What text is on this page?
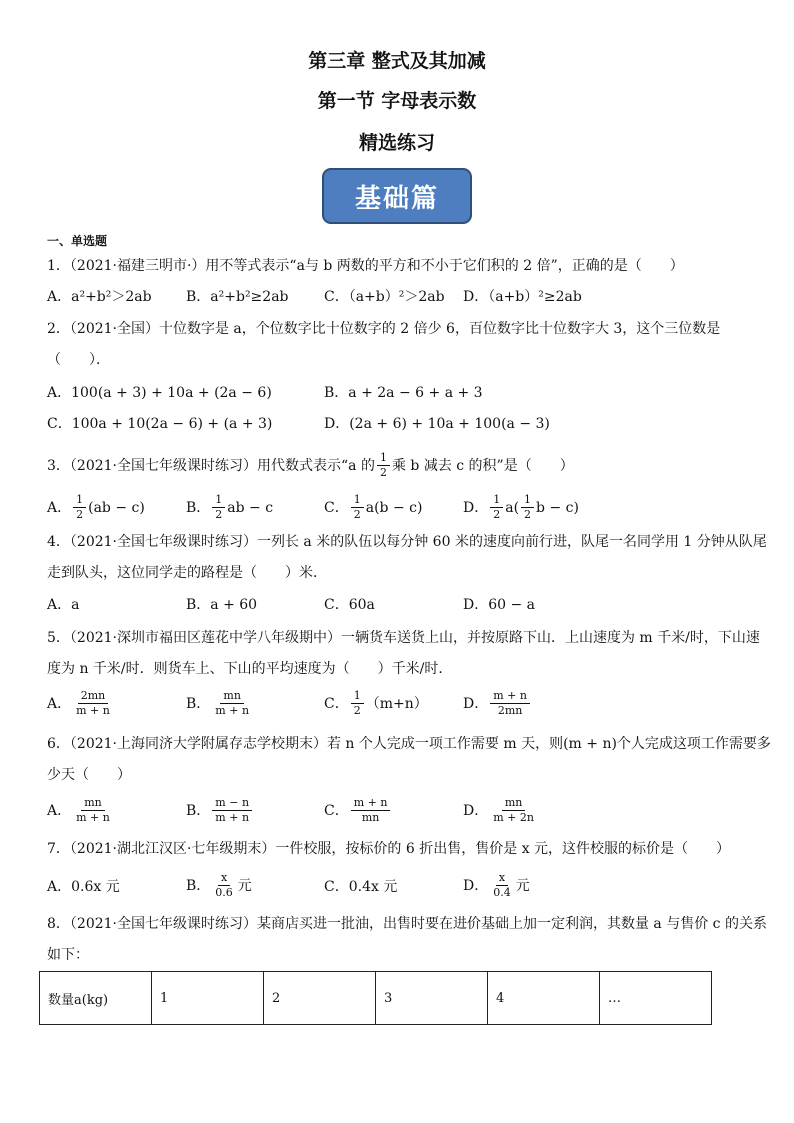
第三章 整式及其加减
第一节 字母表示数
精选练习
基础篇
一、单选题
1．（2021·福建三明市·）用不等式表示“a与 b 两数的平方和不小于它们积的 2 倍”，正确的是（　　）
A．a²+b²＞2ab B．a²+b²≥2ab	C．（a+b）²＞2ab D．（a+b）²≥2ab
2．（2021·全国）十位数字是 a，个位数字比十位数字的 2 倍少 6，百位数字比十位数字大 3，这个三位数是
（　　）．
A．100(a + 3) + 10a + (2a − 6)	B．a + 2a − 6 + a + 3
C．100a + 10(2a − 6) + (a + 3)	D．(2a + 6) + 10a + 100(a − 3)
3．（2021·全国七年级课时练习）用代数式表示“a 的 $\frac{1}{2}$ 乘 b 减去 c 的积”是（　　）
A． $\frac{1}{2} (ab - c)$	B． $\frac{1}{2}$ ab − c	C． $\frac{1}{2} a(b - c)$	D． $\frac{1}{2} a( \frac{1}{2}$ b − c)
4．（2021·全国七年级课时练习）一列长 a 米的队伍以每分钟 60 米的速度向前行进，队尾一名同学用 1 分钟从队尾
走到队头，这位同学走的路程是（　　）米．
A．a	B．a + 60	C．60a	D．60 − a
5．（2021·深圳市福田区莲花中学八年级期中）一辆货车送货上山，并按原路下山．上山速度为 m 千米/时，下山速
度为 n 千米/时．则货车上、下山的平均速度为（　　）千米/时．
A． $\frac{2mn}{m + n}$	B． $\frac{mn}{m + n}$	C． $\frac{1}{2} (m+n)$	D． $\frac{m + n}{2mn}$
6．（2021·上海同济大学附属存志学校期末）若 n 个人完成一项工作需要 m 天，则(m + n)个人完成这项工作需要多
少天（　　）
A． $\frac{mn}{m + n}$	B． $\frac{m - n}{m + n}$	C． $\frac{m + n}{mn}$	D． $\frac{mn}{m + 2n}$
7．（2021·湖北江汉区·七年级期末）一件校服，按标价的 6 折出售，售价是 x 元，这件校服的标价是（　　）
A．0.6x 元	B． $\frac{x}{0.6}$ 元	C．0.4x 元	D． $\frac{x}{0.4}$ 元
8．（2021·全国七年级课时练习）某商店买进一批油，出售时要在进价基础上加一定利润，其数量 a 与售价 c 的关系
如下：
数量a(kg)	1	2	3	4	…
